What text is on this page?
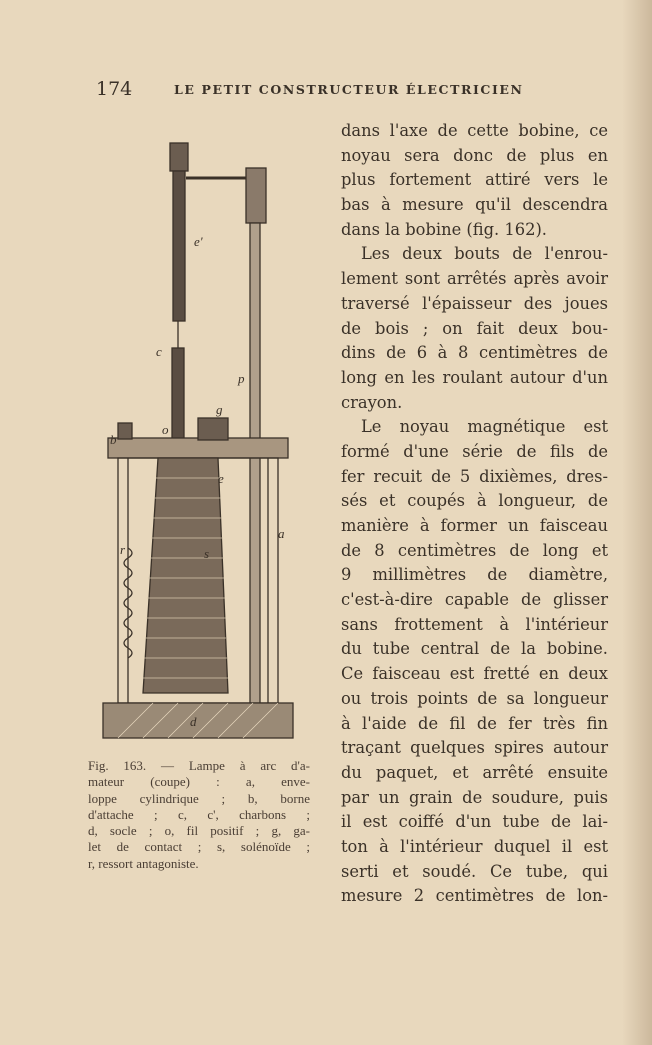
174	LE PETIT CONSTRUCTEUR ÉLECTRICIEN
e'
c
p
g
b
o
e
s
r
a
d
Fig. 163. — Lampe à arc d'a-
mateur (coupe) : a, enve-
loppe cylindrique ; b, borne
d'attache ; c, c', charbons ;
d, socle ; o, fil positif ; g, ga-
let de contact ; s, solénoïde ;
r, ressort antagoniste.
dans l'axe de cette bobine, ce
noyau sera donc de plus en
plus fortement attiré vers le
bas à mesure qu'il descendra
dans la bobine (fig. 162).
Les deux bouts de l'enrou-
lement sont arrêtés après avoir
traversé l'épaisseur des joues
de bois ; on fait deux bou-
dins de 6 à 8 centimètres de
long en les roulant autour d'un
crayon.
Le noyau magnétique est
formé d'une série de fils de
fer recuit de 5 dixièmes, dres-
sés et coupés à longueur, de
manière à former un faisceau
de 8 centimètres de long et
9 millimètres de diamètre,
c'est-à-dire capable de glisser
sans frottement à l'intérieur
du tube central de la bobine.
Ce faisceau est fretté en deux
ou trois points de sa longueur
à l'aide de fil de fer très fin
traçant quelques spires autour
du paquet, et arrêté ensuite
par un grain de soudure, puis
il est coiffé d'un tube de lai-
ton à l'intérieur duquel il est
serti et soudé. Ce tube, qui
mesure 2 centimètres de lon-
